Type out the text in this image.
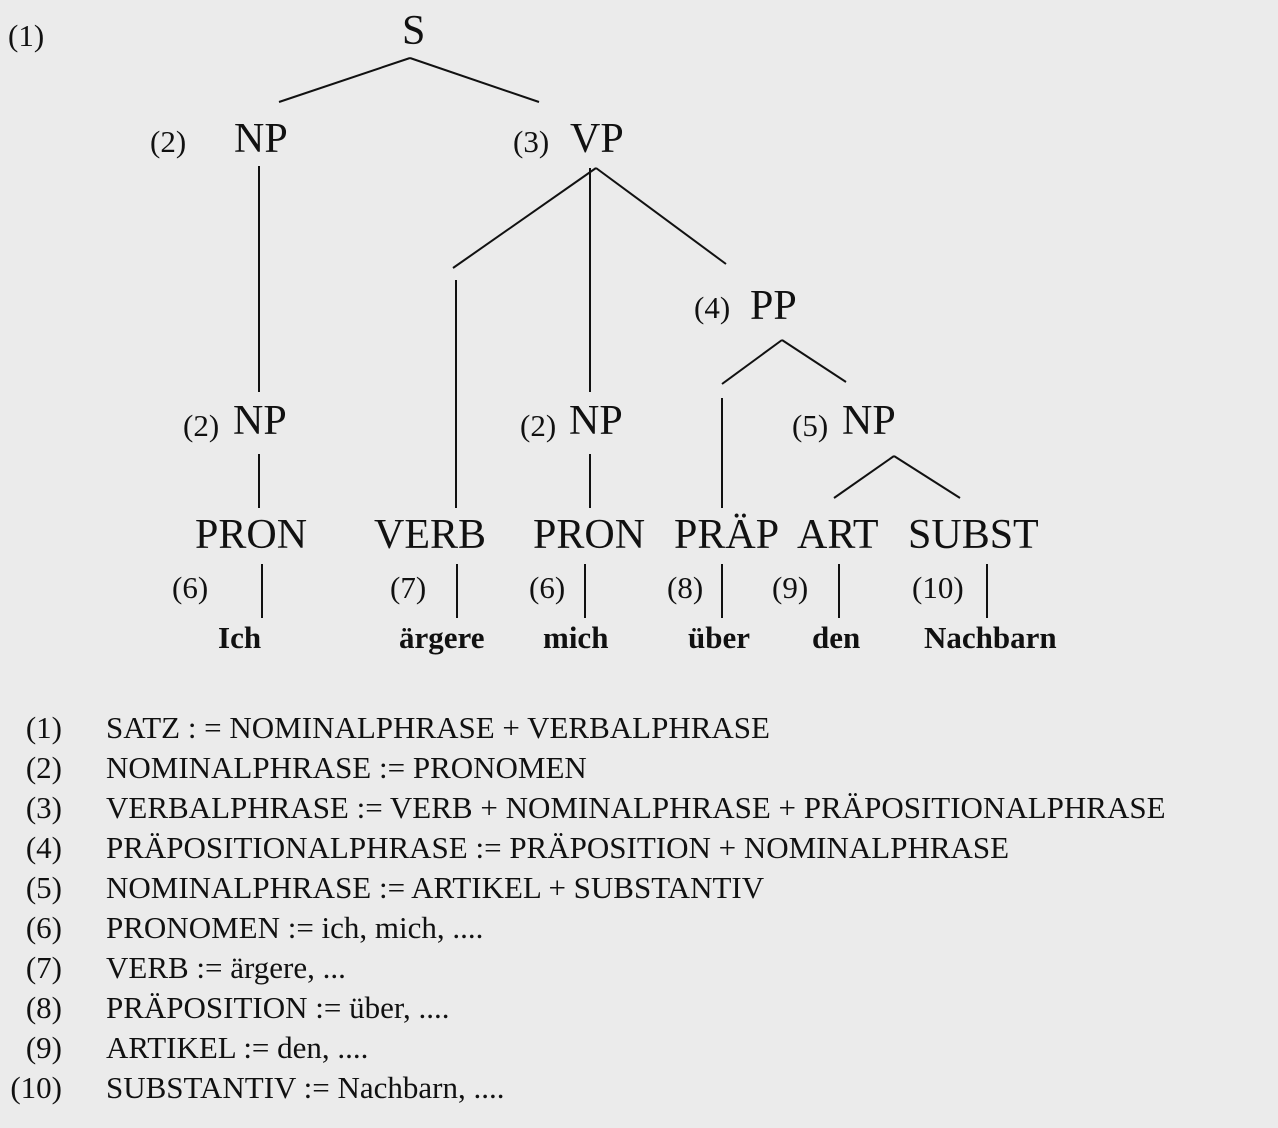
(1)	S
(2) NP	(3) VP
(4) PP
(2) NP	(2) NP	(5) NP
PRON VERB PRON PRÄP ART SUBST
(6)	(7)	(6)	(8) (9)	(10)
Ich	ärgere mich	über den Nachbarn
(1) SATZ : = NOMINALPHRASE + VERBALPHRASE
(2) NOMINALPHRASE := PRONOMEN
(3) VERBALPHRASE := VERB + NOMINALPHRASE + PRÄPOSITIONALPHRASE
(4) PRÄPOSITIONALPHRASE := PRÄPOSITION + NOMINALPHRASE
(5) NOMINALPHRASE := ARTIKEL + SUBSTANTIV
(6) PRONOMEN := ich, mich, ....
(7) VERB := ärgere, ...
(8) PRÄPOSITION := über, ....
(9) ARTIKEL := den, ....
(10) SUBSTANTIV := Nachbarn, ....
